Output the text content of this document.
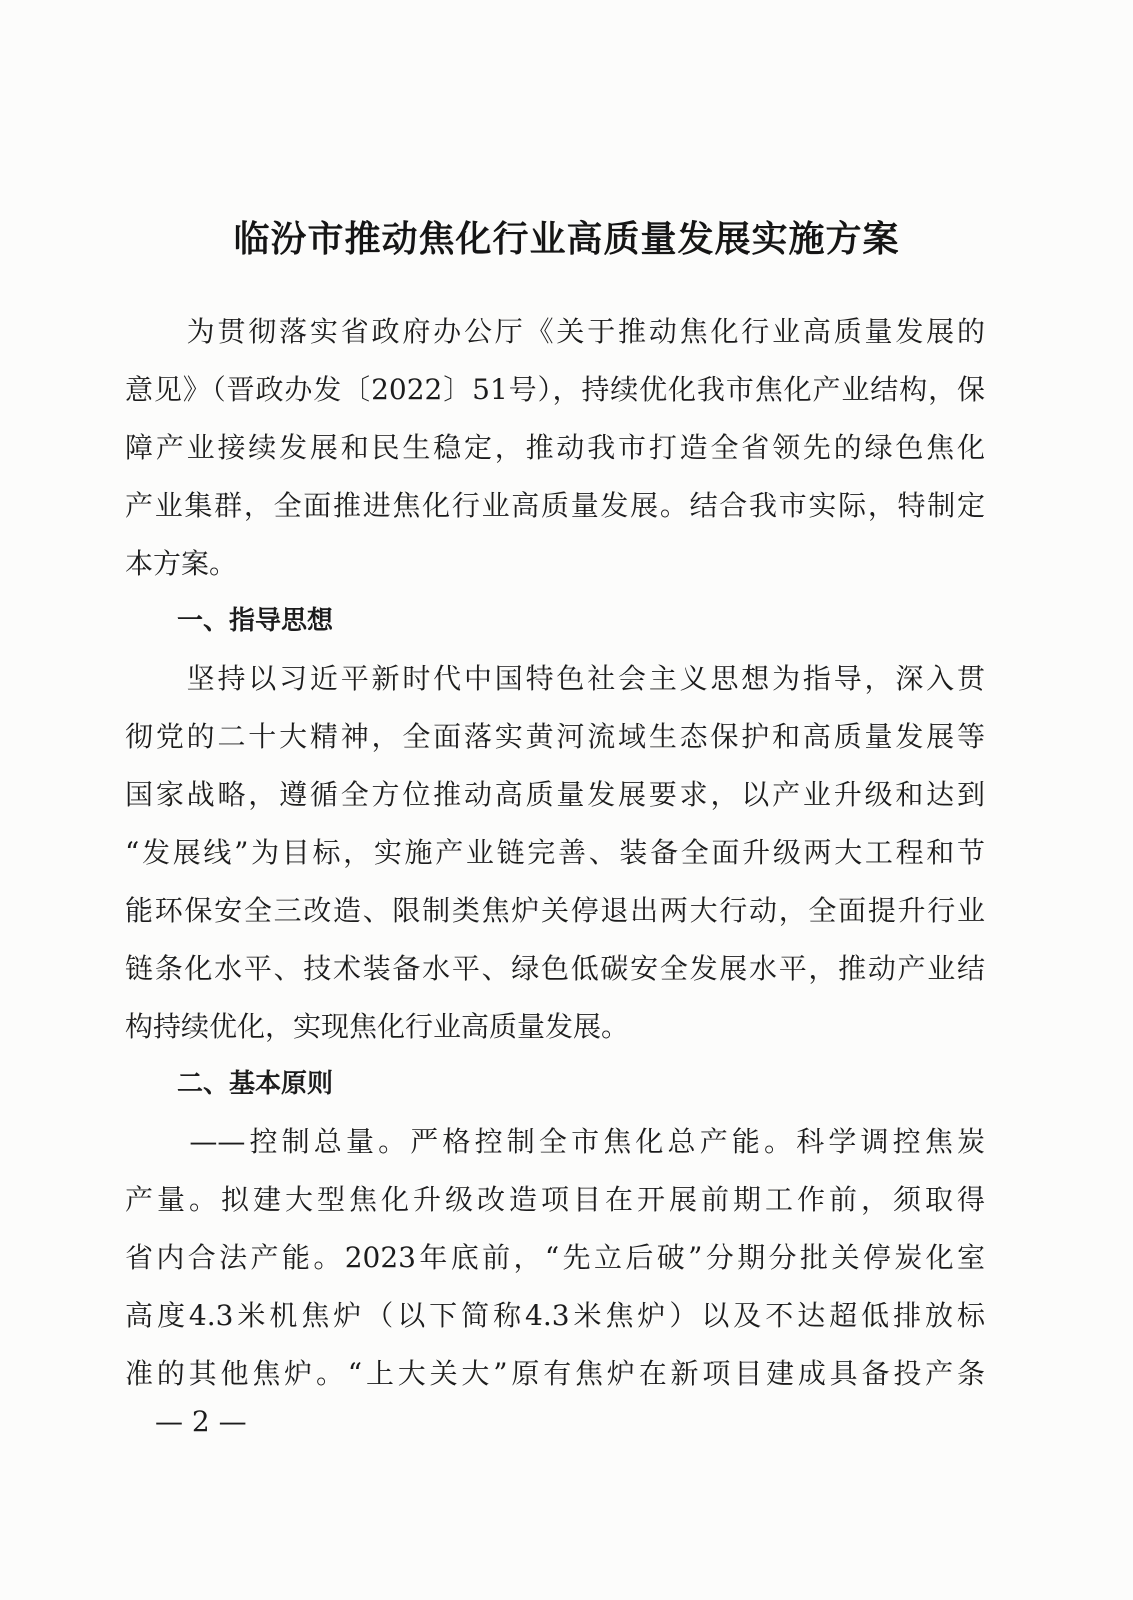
临汾市推动焦化行业高质量发展实施方案
　　为贯彻落实省政府办公厅《关于推动焦化行业高质量发展的
意见》（晋政办发〔2022〕51号），持续优化我市焦化产业结构，保
障产业接续发展和民生稳定，推动我市打造全省领先的绿色焦化
产业集群，全面推进焦化行业高质量发展。结合我市实际，特制定
本方案。
　　一、指导思想
　　坚持以习近平新时代中国特色社会主义思想为指导，深入贯
彻党的二十大精神，全面落实黄河流域生态保护和高质量发展等
国家战略，遵循全方位推动高质量发展要求，以产业升级和达到
“发展线”为目标，实施产业链完善、装备全面升级两大工程和节
能环保安全三改造、限制类焦炉关停退出两大行动，全面提升行业
链条化水平、技术装备水平、绿色低碳安全发展水平，推动产业结
构持续优化，实现焦化行业高质量发展。
　　二、基本原则
　　——控制总量。严格控制全市焦化总产能。科学调控焦炭
产量。拟建大型焦化升级改造项目在开展前期工作前，须取得
省内合法产能。2023年底前，“先立后破”分期分批关停炭化室
高度4.3米机焦炉（以下简称4.3米焦炉）以及不达超低排放标
准的其他焦炉。“上大关大”原有焦炉在新项目建成具备投产条
— 2 —
